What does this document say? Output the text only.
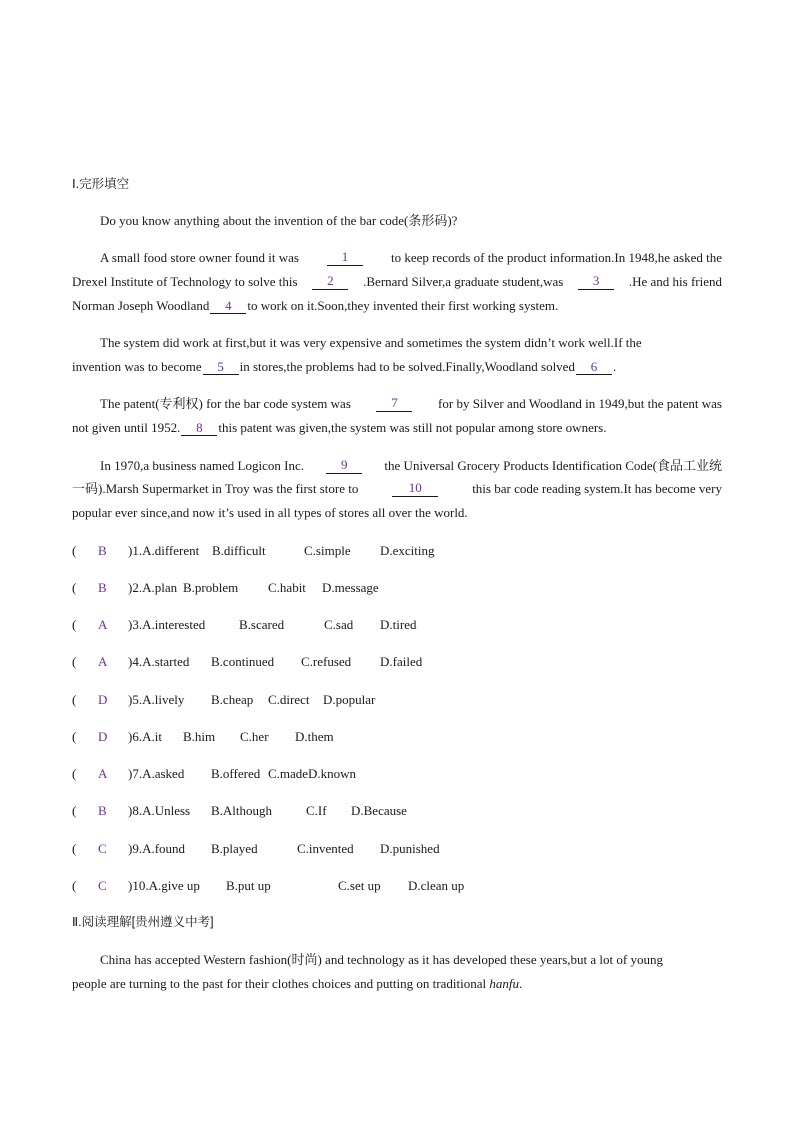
Ⅰ.完形填空
Do you know anything about the invention of the bar code(条形码)?
A small food store owner found it was	1	to keep records of the product information.In 1948,he asked the
Drexel Institute of Technology to solve this	2	.Bernard Silver,a graduate student,was	3	.He and his friend
Norman Joseph Woodland 4 to work on it.Soon,they invented their first working system.
The system did work at first,but it was very expensive and sometimes the system didn’t work well.If the
invention was to become 5 in stores,the problems had to be solved.Finally,Woodland solved 6 .
The patent(专利权) for the bar code system was	7	for by Silver and Woodland in 1949,but the patent was
not given until 1952. 8 this patent was given,the system was still not popular among store owners.
In 1970,a business named Logicon Inc.	9	the Universal Grocery Products Identification Code(食品工业统
一码).Marsh Supermarket in Troy was the first store to	10	this bar code reading system.It has become very
popular ever since,and now it’s used in all types of stores all over the world.
( B )1.A.different B.difficult	C.simple D.exciting
( B )2.A.plan B.problem C.habit D.message
( A )3.A.interested	B.scared	C.sad D.tired
( A )4.A.started B.continued C.refused D.failed
( D )5.A.lively B.cheap C.direct D.popular
( D )6.A.it B.him C.her D.them
( A )7.A.asked B.offered C.made D.known
( B )8.A.Unless B.Although	C.If D.Because
( C )9.A.found B.played	C.invented D.punished
( C )10.A.give up B.put up	C.set up D.clean up
Ⅱ.阅读理解[贵州遵义中考]
China has accepted Western fashion(时尚) and technology as it has developed these years,but a lot of young
people are turning to the past for their clothes choices and putting on traditional hanfu.
